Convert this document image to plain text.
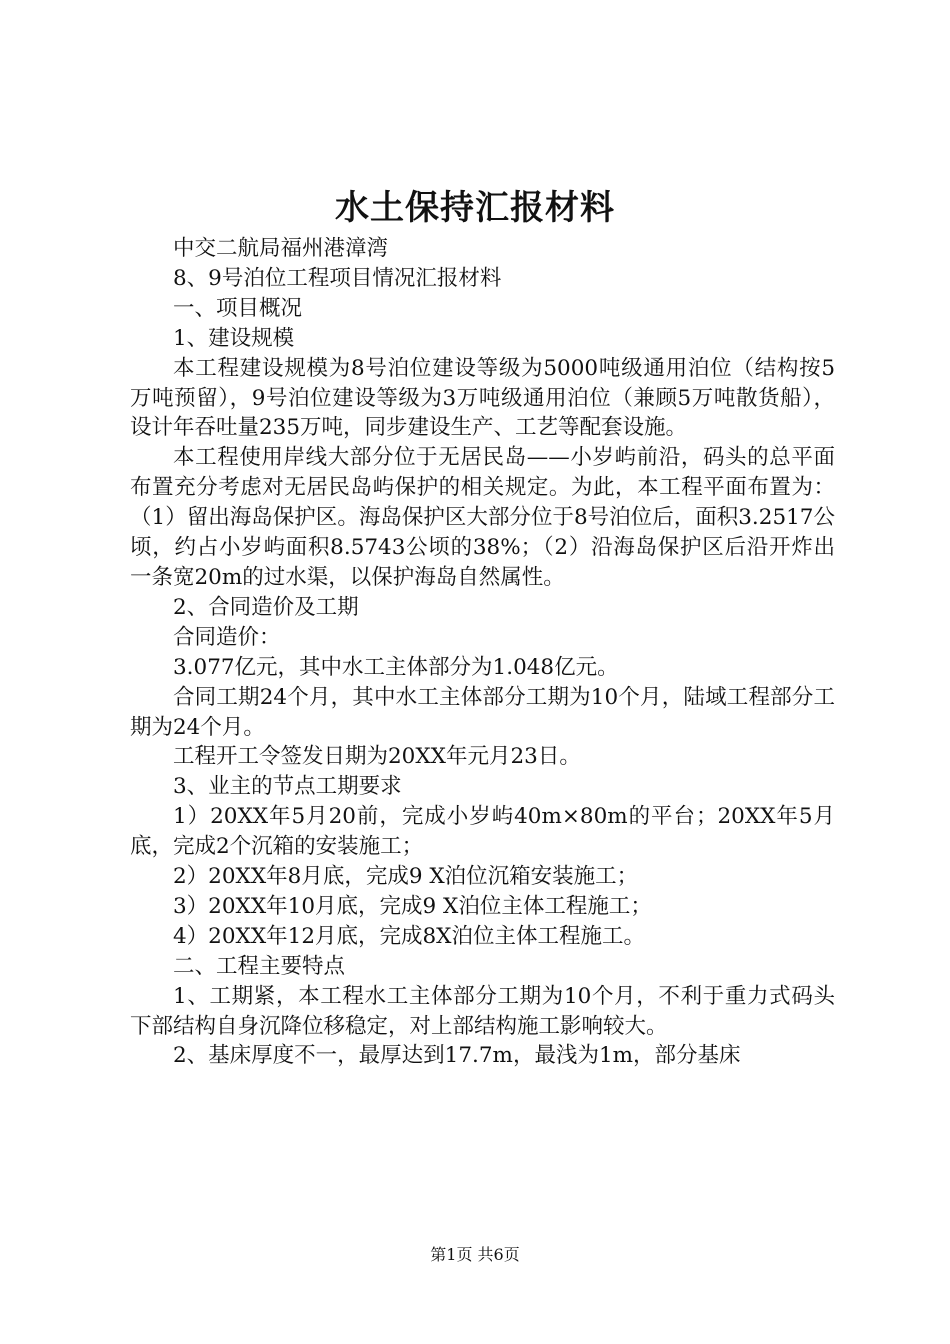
水土保持汇报材料

中交二航局福州港漳湾

8、9号泊位工程项目情况汇报材料

一、项目概况

1、建设规模

本工程建设规模为8号泊位建设等级为5000吨级通用泊位（结构按5万吨预留），9号泊位建设等级为3万吨级通用泊位（兼顾5万吨散货船），设计年吞吐量235万吨，同步建设生产、工艺等配套设施。

本工程使用岸线大部分位于无居民岛——小岁屿前沿，码头的总平面布置充分考虑对无居民岛屿保护的相关规定。为此，本工程平面布置为：（1）留出海岛保护区。海岛保护区大部分位于8号泊位后，面积3.2517公顷，约占小岁屿面积8.5743公顷的38%；（2）沿海岛保护区后沿开炸出一条宽20m的过水渠，以保护海岛自然属性。

2、合同造价及工期

合同造价：

3.077亿元，其中水工主体部分为1.048亿元。

合同工期24个月，其中水工主体部分工期为10个月，陆域工程部分工期为24个月。

工程开工令签发日期为20XX年元月23日。

3、业主的节点工期要求

1）20XX年5月20前，完成小岁屿40m×80m的平台；20XX年5月底，完成2个沉箱的安装施工；

2）20XX年8月底，完成9 X泊位沉箱安装施工；

3）20XX年10月底，完成9 X泊位主体工程施工；

4）20XX年12月底，完成8X泊位主体工程施工。

二、工程主要特点

1、工期紧，本工程水工主体部分工期为10个月，不利于重力式码头下部结构自身沉降位移稳定，对上部结构施工影响较大。

2、基床厚度不一，最厚达到17.7m，最浅为1m，部分基床

第1页 共6页
